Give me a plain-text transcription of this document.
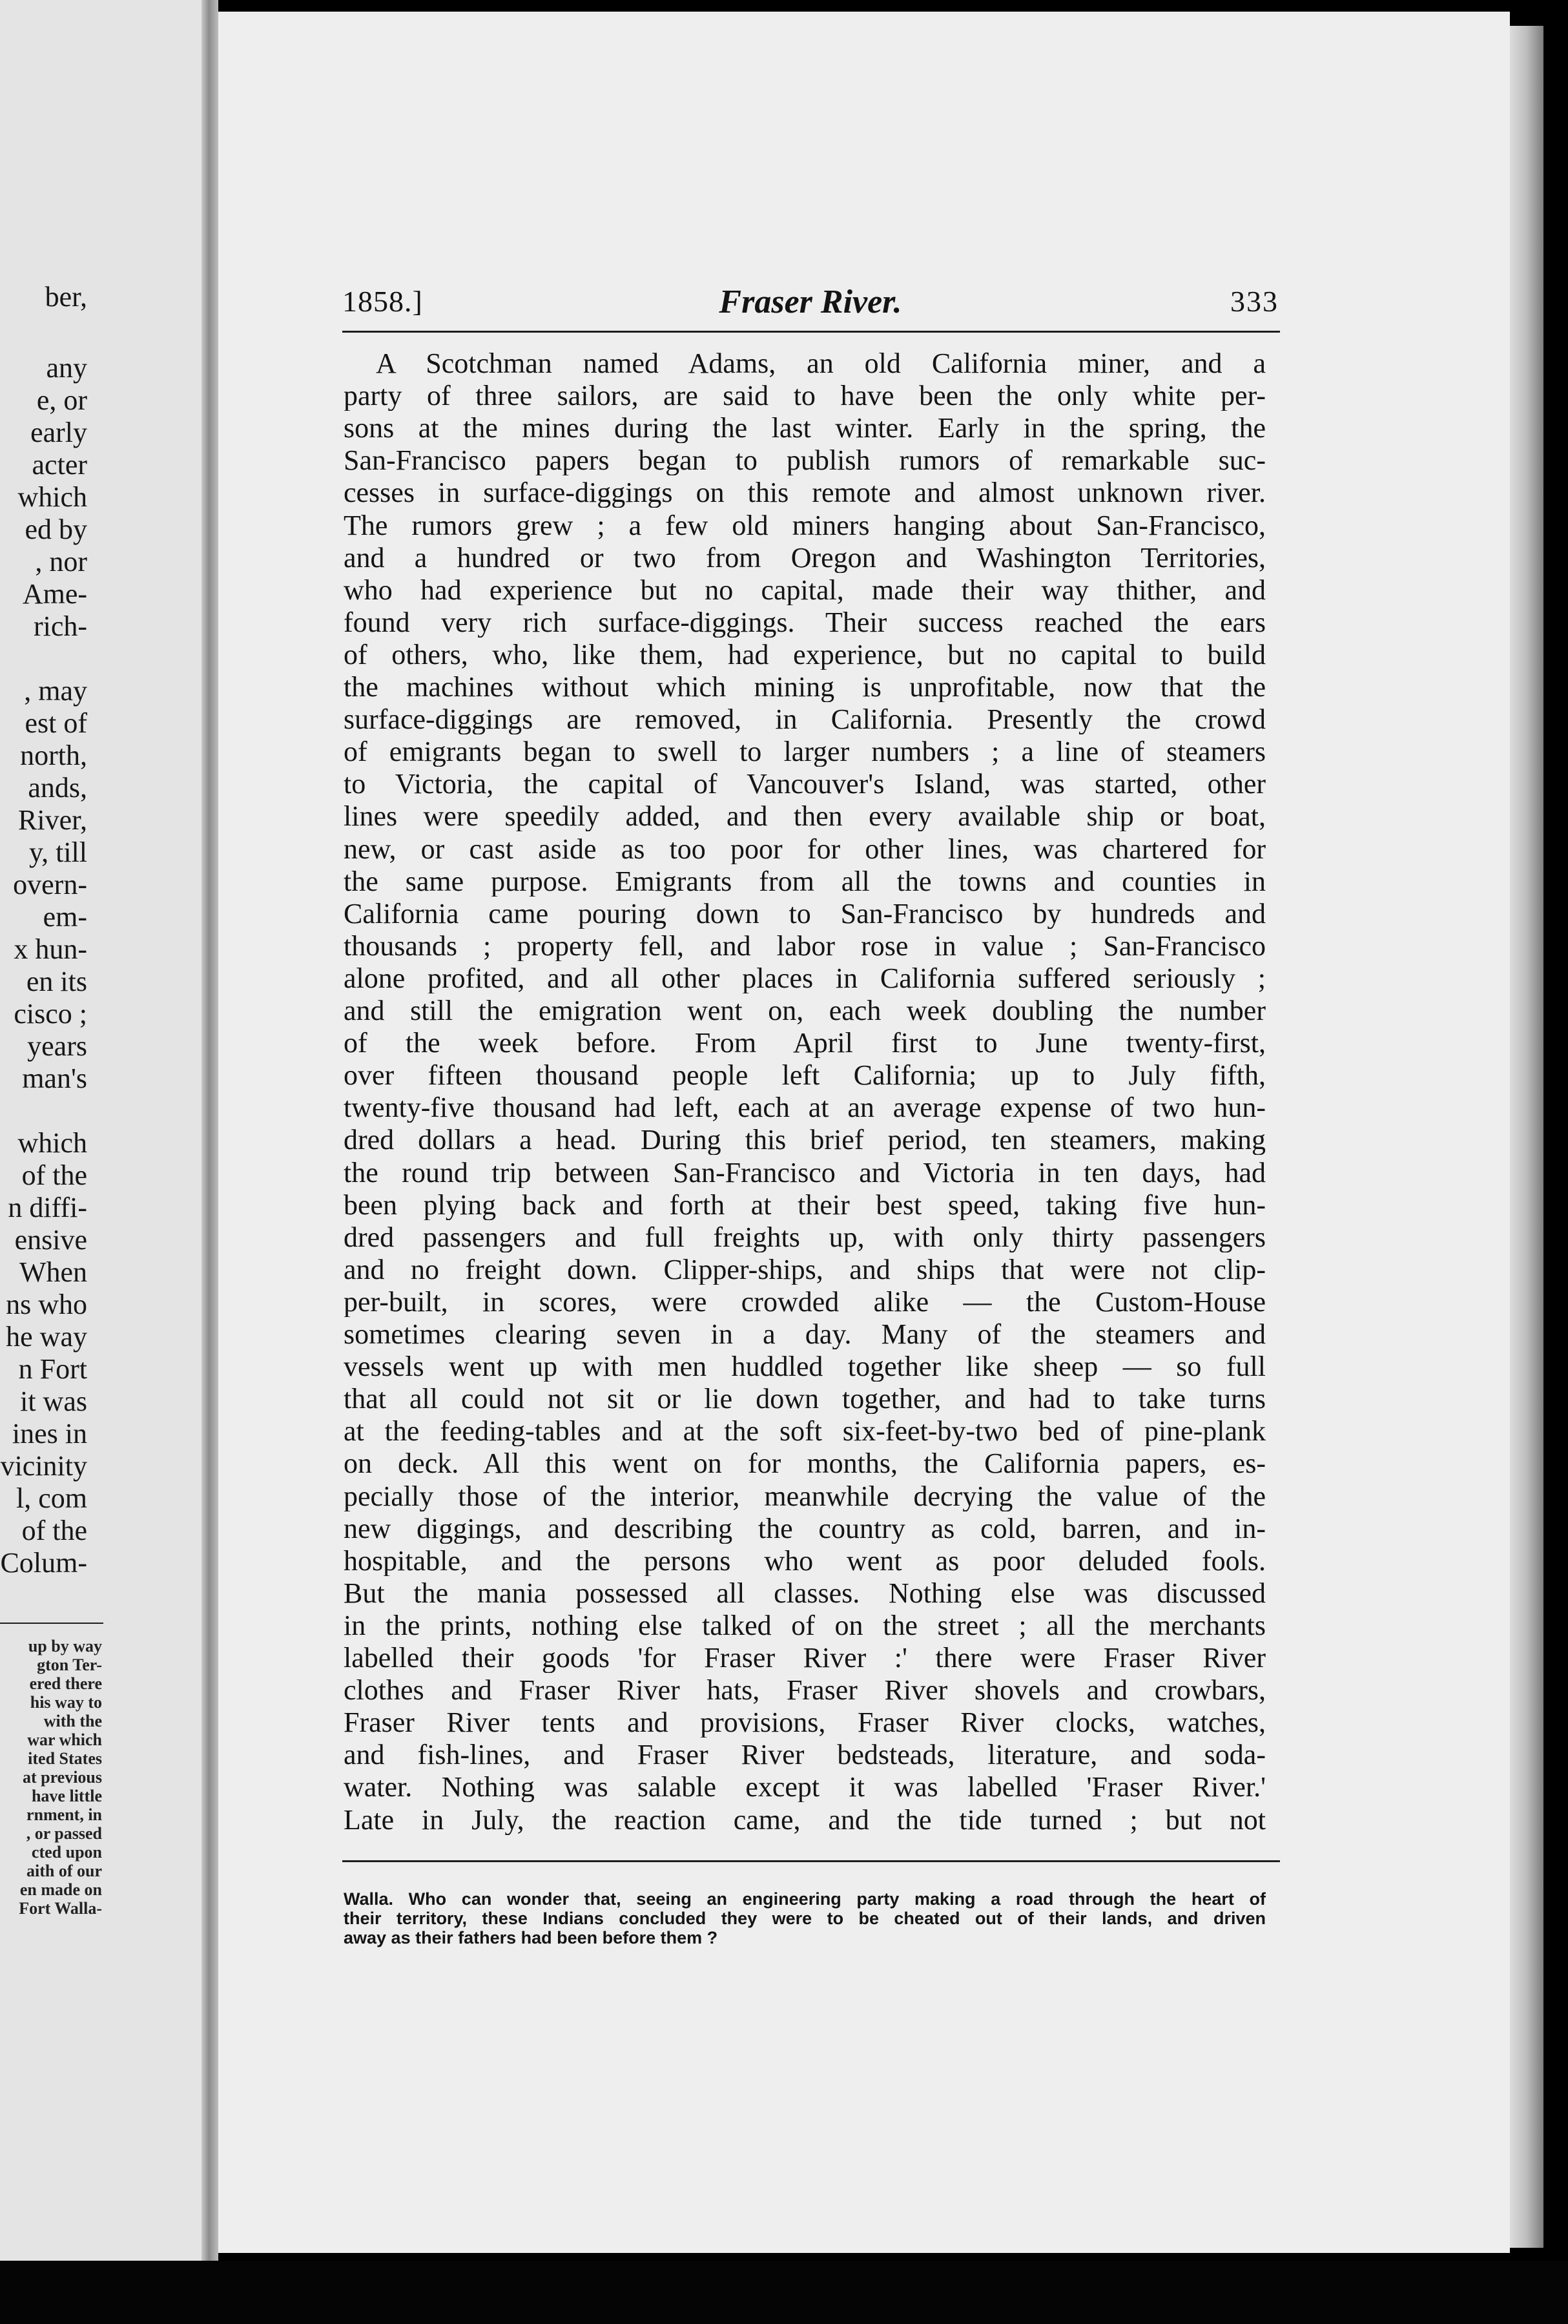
ber,
any
e, or
early
acter
which
ed by
, nor
Ame-
rich-
, may
est of
north,
ands,
River,
y, till
overn-
em-
x hun-
en its
cisco ;
years
man's
which
of the
n diffi-
ensive
When
ns who
he way
n Fort
it was
ines in
vicinity
l, com
of the
Colum-
up by way
gton Ter-
ered there
his way to
with the
war which
ited States
at previous
have little
rnment, in
, or passed
cted upon
aith of our
en made on
Fort Walla-
1858.]	Fraser River.	333
A Scotchman named Adams, an old California miner, and a
party of three sailors, are said to have been the only white per-
sons at the mines during the last winter. Early in the spring, the
San-Francisco papers began to publish rumors of remarkable suc-
cesses in surface-diggings on this remote and almost unknown river.
The rumors grew ; a few old miners hanging about San-Francisco,
and a hundred or two from Oregon and Washington Territories,
who had experience but no capital, made their way thither, and
found very rich surface-diggings. Their success reached the ears
of others, who, like them, had experience, but no capital to build
the machines without which mining is unprofitable, now that the
surface-diggings are removed, in California. Presently the crowd
of emigrants began to swell to larger numbers ; a line of steamers
to Victoria, the capital of Vancouver's Island, was started, other
lines were speedily added, and then every available ship or boat,
new, or cast aside as too poor for other lines, was chartered for
the same purpose. Emigrants from all the towns and counties in
California came pouring down to San-Francisco by hundreds and
thousands ; property fell, and labor rose in value ; San-Francisco
alone profited, and all other places in California suffered seriously ;
and still the emigration went on, each week doubling the number
of the week before. From April first to June twenty-first,
over fifteen thousand people left California; up to July fifth,
twenty-five thousand had left, each at an average expense of two hun-
dred dollars a head. During this brief period, ten steamers, making
the round trip between San-Francisco and Victoria in ten days, had
been plying back and forth at their best speed, taking five hun-
dred passengers and full freights up, with only thirty passengers
and no freight down. Clipper-ships, and ships that were not clip-
per-built, in scores, were crowded alike — the Custom-House
sometimes clearing seven in a day. Many of the steamers and
vessels went up with men huddled together like sheep — so full
that all could not sit or lie down together, and had to take turns
at the feeding-tables and at the soft six-feet-by-two bed of pine-plank
on deck. All this went on for months, the California papers, es-
pecially those of the interior, meanwhile decrying the value of the
new diggings, and describing the country as cold, barren, and in-
hospitable, and the persons who went as poor deluded fools.
But the mania possessed all classes. Nothing else was discussed
in the prints, nothing else talked of on the street ; all the merchants
labelled their goods 'for Fraser River :' there were Fraser River
clothes and Fraser River hats, Fraser River shovels and crowbars,
Fraser River tents and provisions, Fraser River clocks, watches,
and fish-lines, and Fraser River bedsteads, literature, and soda-
water. Nothing was salable except it was labelled 'Fraser River.'
Late in July, the reaction came, and the tide turned ; but not
Walla. Who can wonder that, seeing an engineering party making a road through the heart of
their territory, these Indians concluded they were to be cheated out of their lands, and driven
away as their fathers had been before them ?
